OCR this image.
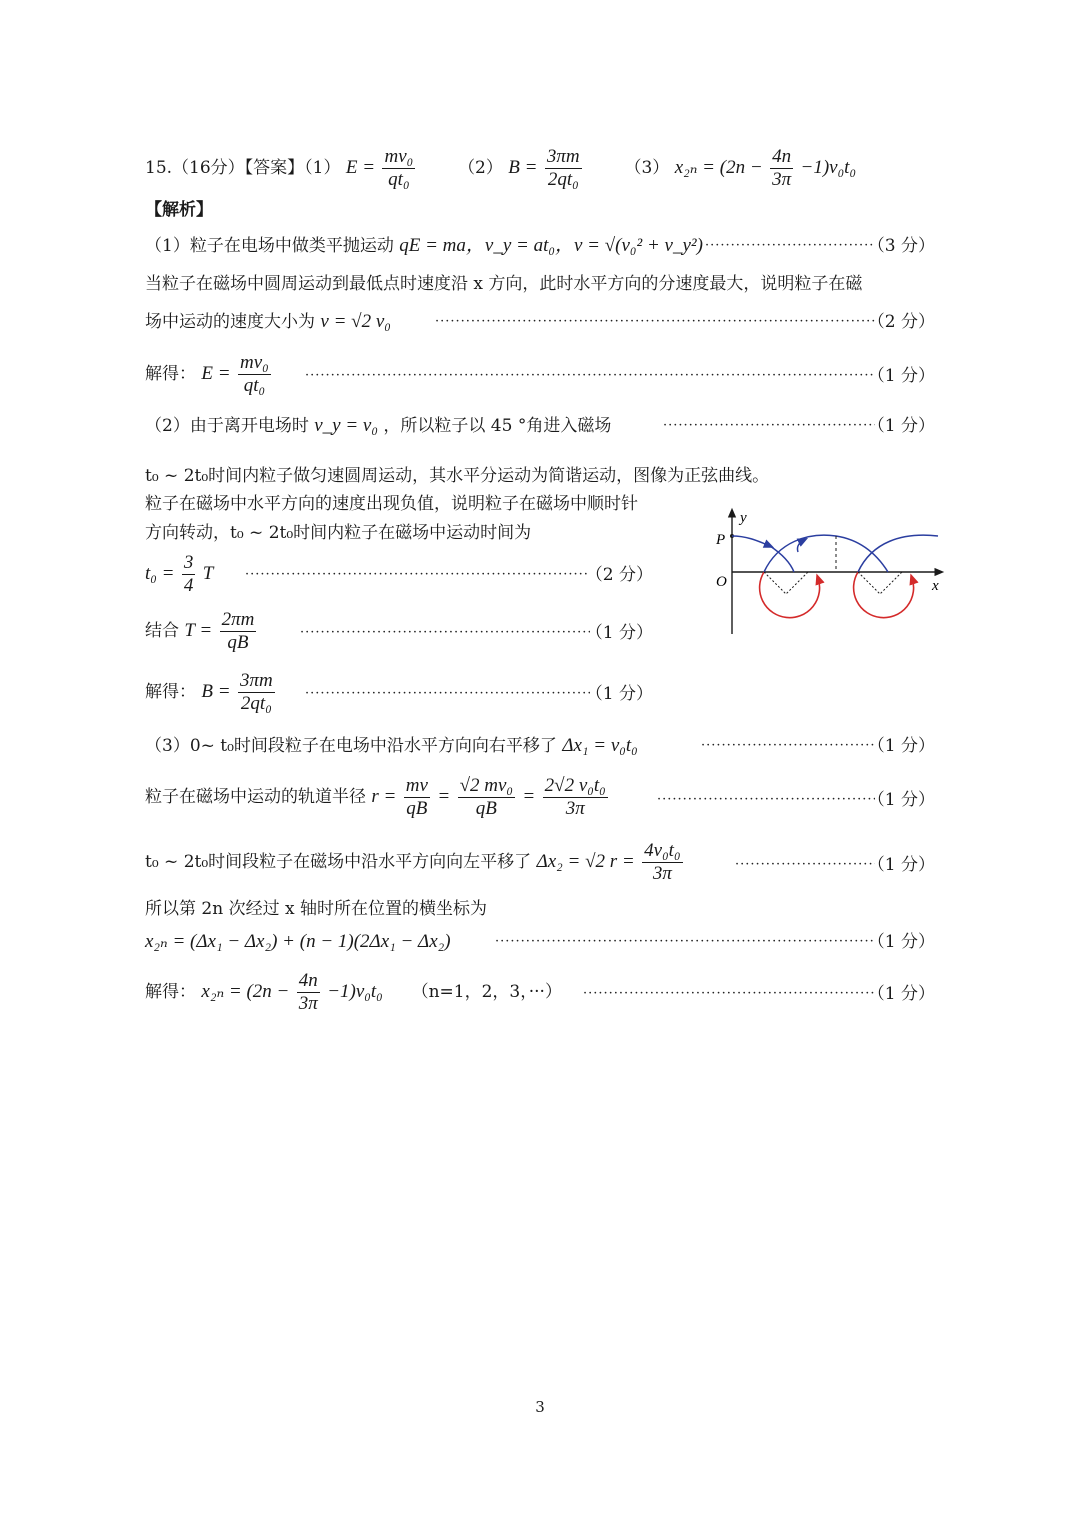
15.（16分）【答案】（1） $E = \frac{\text{mv₀}}{\text{qt₀}}$	（2） $B = \frac{3\pi m}{\text{2qt₀}}$	（3） $x_{2n} = (2n - \frac{4n}{3\pi} -1)v_0t_0$
【解析】
（1）粒子在电场中做类平抛运动 qE = ma，v_y = at₀，v = √(v₀² + v_y²) ·····	（3 分）
当粒子在磁场中圆周运动到最低点时速度沿 x 方向，此时水平方向的分速度最大，说明粒子在磁
场中运动的速度大小为 v = √2 v₀ ·····	（2 分）
解得： $E = \frac{\text{mv₀}}{\text{qt₀}}$ ·····	（1 分）
（2）由于离开电场时 v_y = v₀ ，所以粒子以 45 °角进入磁场 ·····	（1 分）
t₀ ~ 2t₀时间内粒子做匀速圆周运动，其水平分运动为简谐运动，图像为正弦曲线。
粒子在磁场中水平方向的速度出现负值，说明粒子在磁场中顺时针
方向转动，t₀ ~ 2t₀时间内粒子在磁场中运动时间为
$t_0 = \frac{3}{4}$ T ·····	（2 分）
结合 $T = \frac{2\pi m}{qB}$ ·····	（1 分）
解得： $B = \frac{3\pi m}{\text{2qt₀}}$ ·····	（1 分）
y
x
P
O
（3）0~ t₀时间段粒子在电场中沿水平方向向右平移了 Δx₁ = v₀t₀ ·····	（1 分）
粒子在磁场中运动的轨道半径 $r = \frac{mv}{qB} = \frac{\text{√2 mv₀}}{qB} = \frac{\text{2√2 v₀t₀}}{3\pi}$ ·····	（1 分）
t₀ ~ 2t₀时间段粒子在磁场中沿水平方向向左平移了 Δx₂ = √2 $r = \frac{\text{4v₀t₀}}{3\pi}$ ·····	（1 分）
所以第 2n 次经过 x 轴时所在位置的横坐标为
x₂ₙ = (Δx₁ − Δx₂) + (n − 1)(2Δx₁ − Δx₂) ·····	（1 分）
解得： $x_{2n} = (2n - \frac{4n}{3\pi} -1)v_0t_0$ （n=1，2，3，···） ·····	（1 分）
3
